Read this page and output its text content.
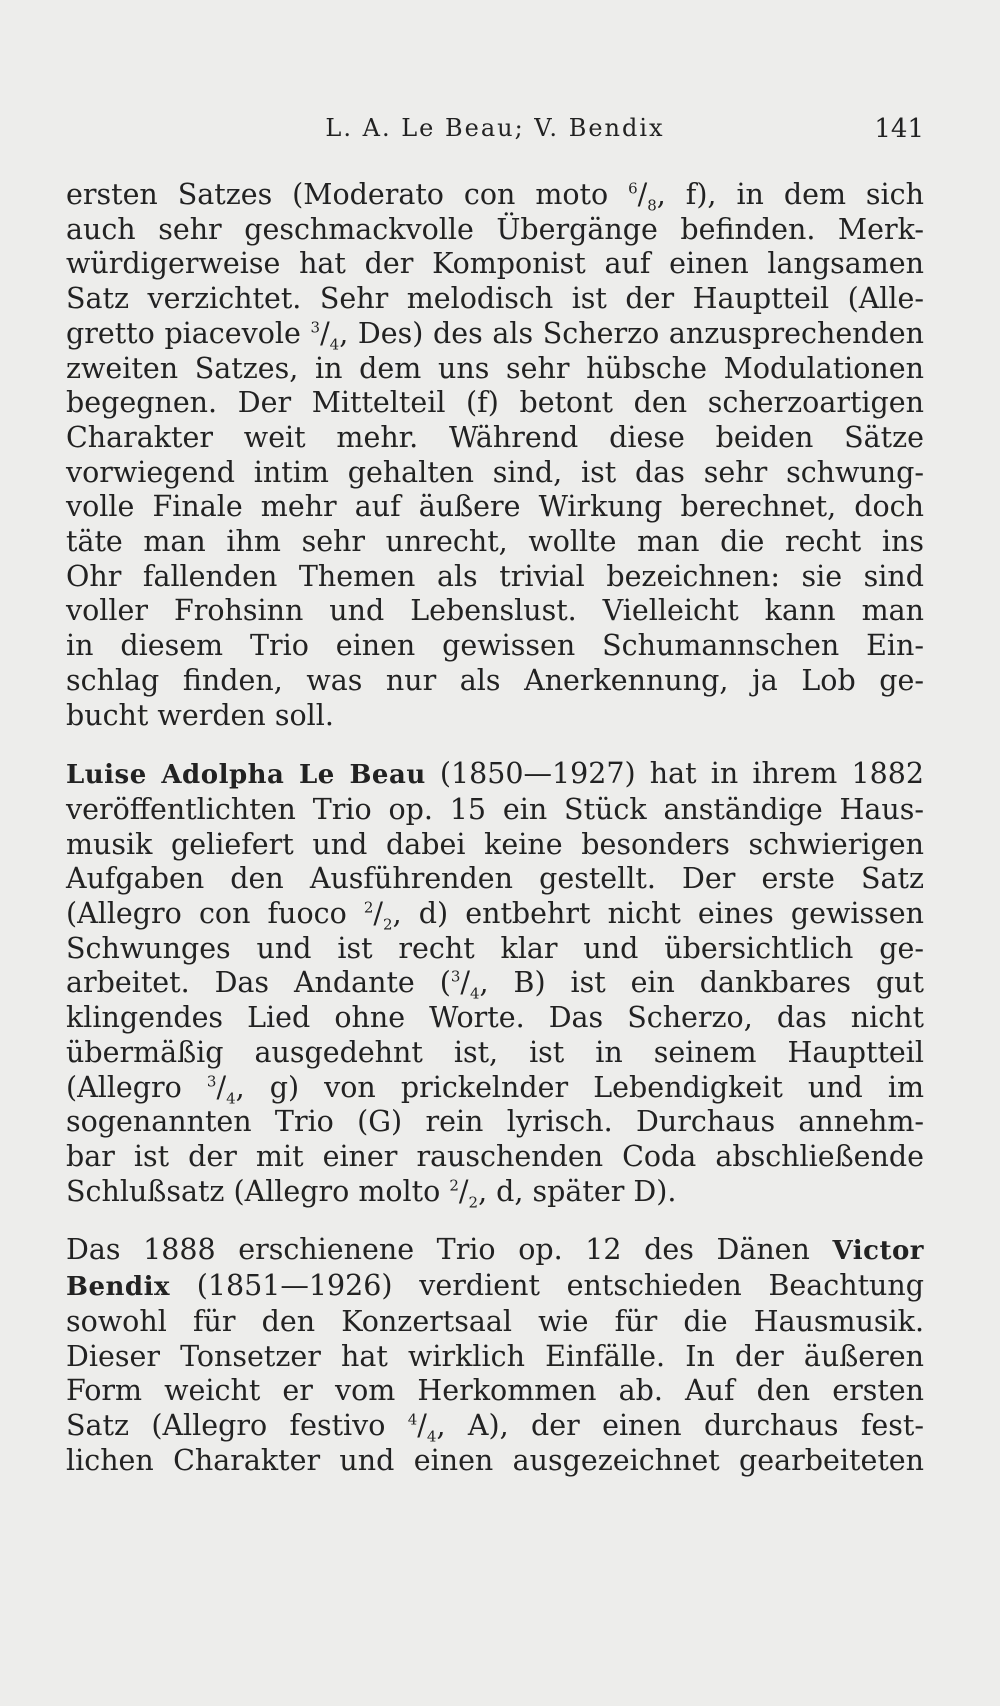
L. A. Le Beau; V. Bendix	141
ersten Satzes (Moderato con moto $^6/_8$, f), in dem sich
auch sehr geschmackvolle Übergänge befinden. Merk-
würdigerweise hat der Komponist auf einen langsamen
Satz verzichtet. Sehr melodisch ist der Hauptteil (Alle-
gretto piacevole $^3/_4$, Des) des als Scherzo anzusprechenden
zweiten Satzes, in dem uns sehr hübsche Modulationen
begegnen. Der Mittelteil (f) betont den scherzoartigen
Charakter weit mehr. Während diese beiden Sätze
vorwiegend intim gehalten sind, ist das sehr schwung-
volle Finale mehr auf äußere Wirkung berechnet, doch
täte man ihm sehr unrecht, wollte man die recht ins
Ohr fallenden Themen als trivial bezeichnen: sie sind
voller Frohsinn und Lebenslust. Vielleicht kann man
in diesem Trio einen gewissen Schumannschen Ein-
schlag finden, was nur als Anerkennung, ja Lob ge-
bucht werden soll.
Luise Adolpha Le Beau (1850—1927) hat in ihrem 1882
veröffentlichten Trio op. 15 ein Stück anständige Haus-
musik geliefert und dabei keine besonders schwierigen
Aufgaben den Ausführenden gestellt. Der erste Satz
(Allegro con fuoco $^2/_2$, d) entbehrt nicht eines gewissen
Schwunges und ist recht klar und übersichtlich ge-
arbeitet. Das Andante ($^3/_4$, B) ist ein dankbares gut
klingendes Lied ohne Worte. Das Scherzo, das nicht
übermäßig ausgedehnt ist, ist in seinem Hauptteil
(Allegro $^3/_4$, g) von prickelnder Lebendigkeit und im
sogenannten Trio (G) rein lyrisch. Durchaus annehm-
bar ist der mit einer rauschenden Coda abschließende
Schlußsatz (Allegro molto $^2/_2$, d, später D).
Das 1888 erschienene Trio op. 12 des Dänen Victor
Bendix (1851—1926) verdient entschieden Beachtung
sowohl für den Konzertsaal wie für die Hausmusik.
Dieser Tonsetzer hat wirklich Einfälle. In der äußeren
Form weicht er vom Herkommen ab. Auf den ersten
Satz (Allegro festivo $^4/_4$, A), der einen durchaus fest-
lichen Charakter und einen ausgezeichnet gearbeiteten
